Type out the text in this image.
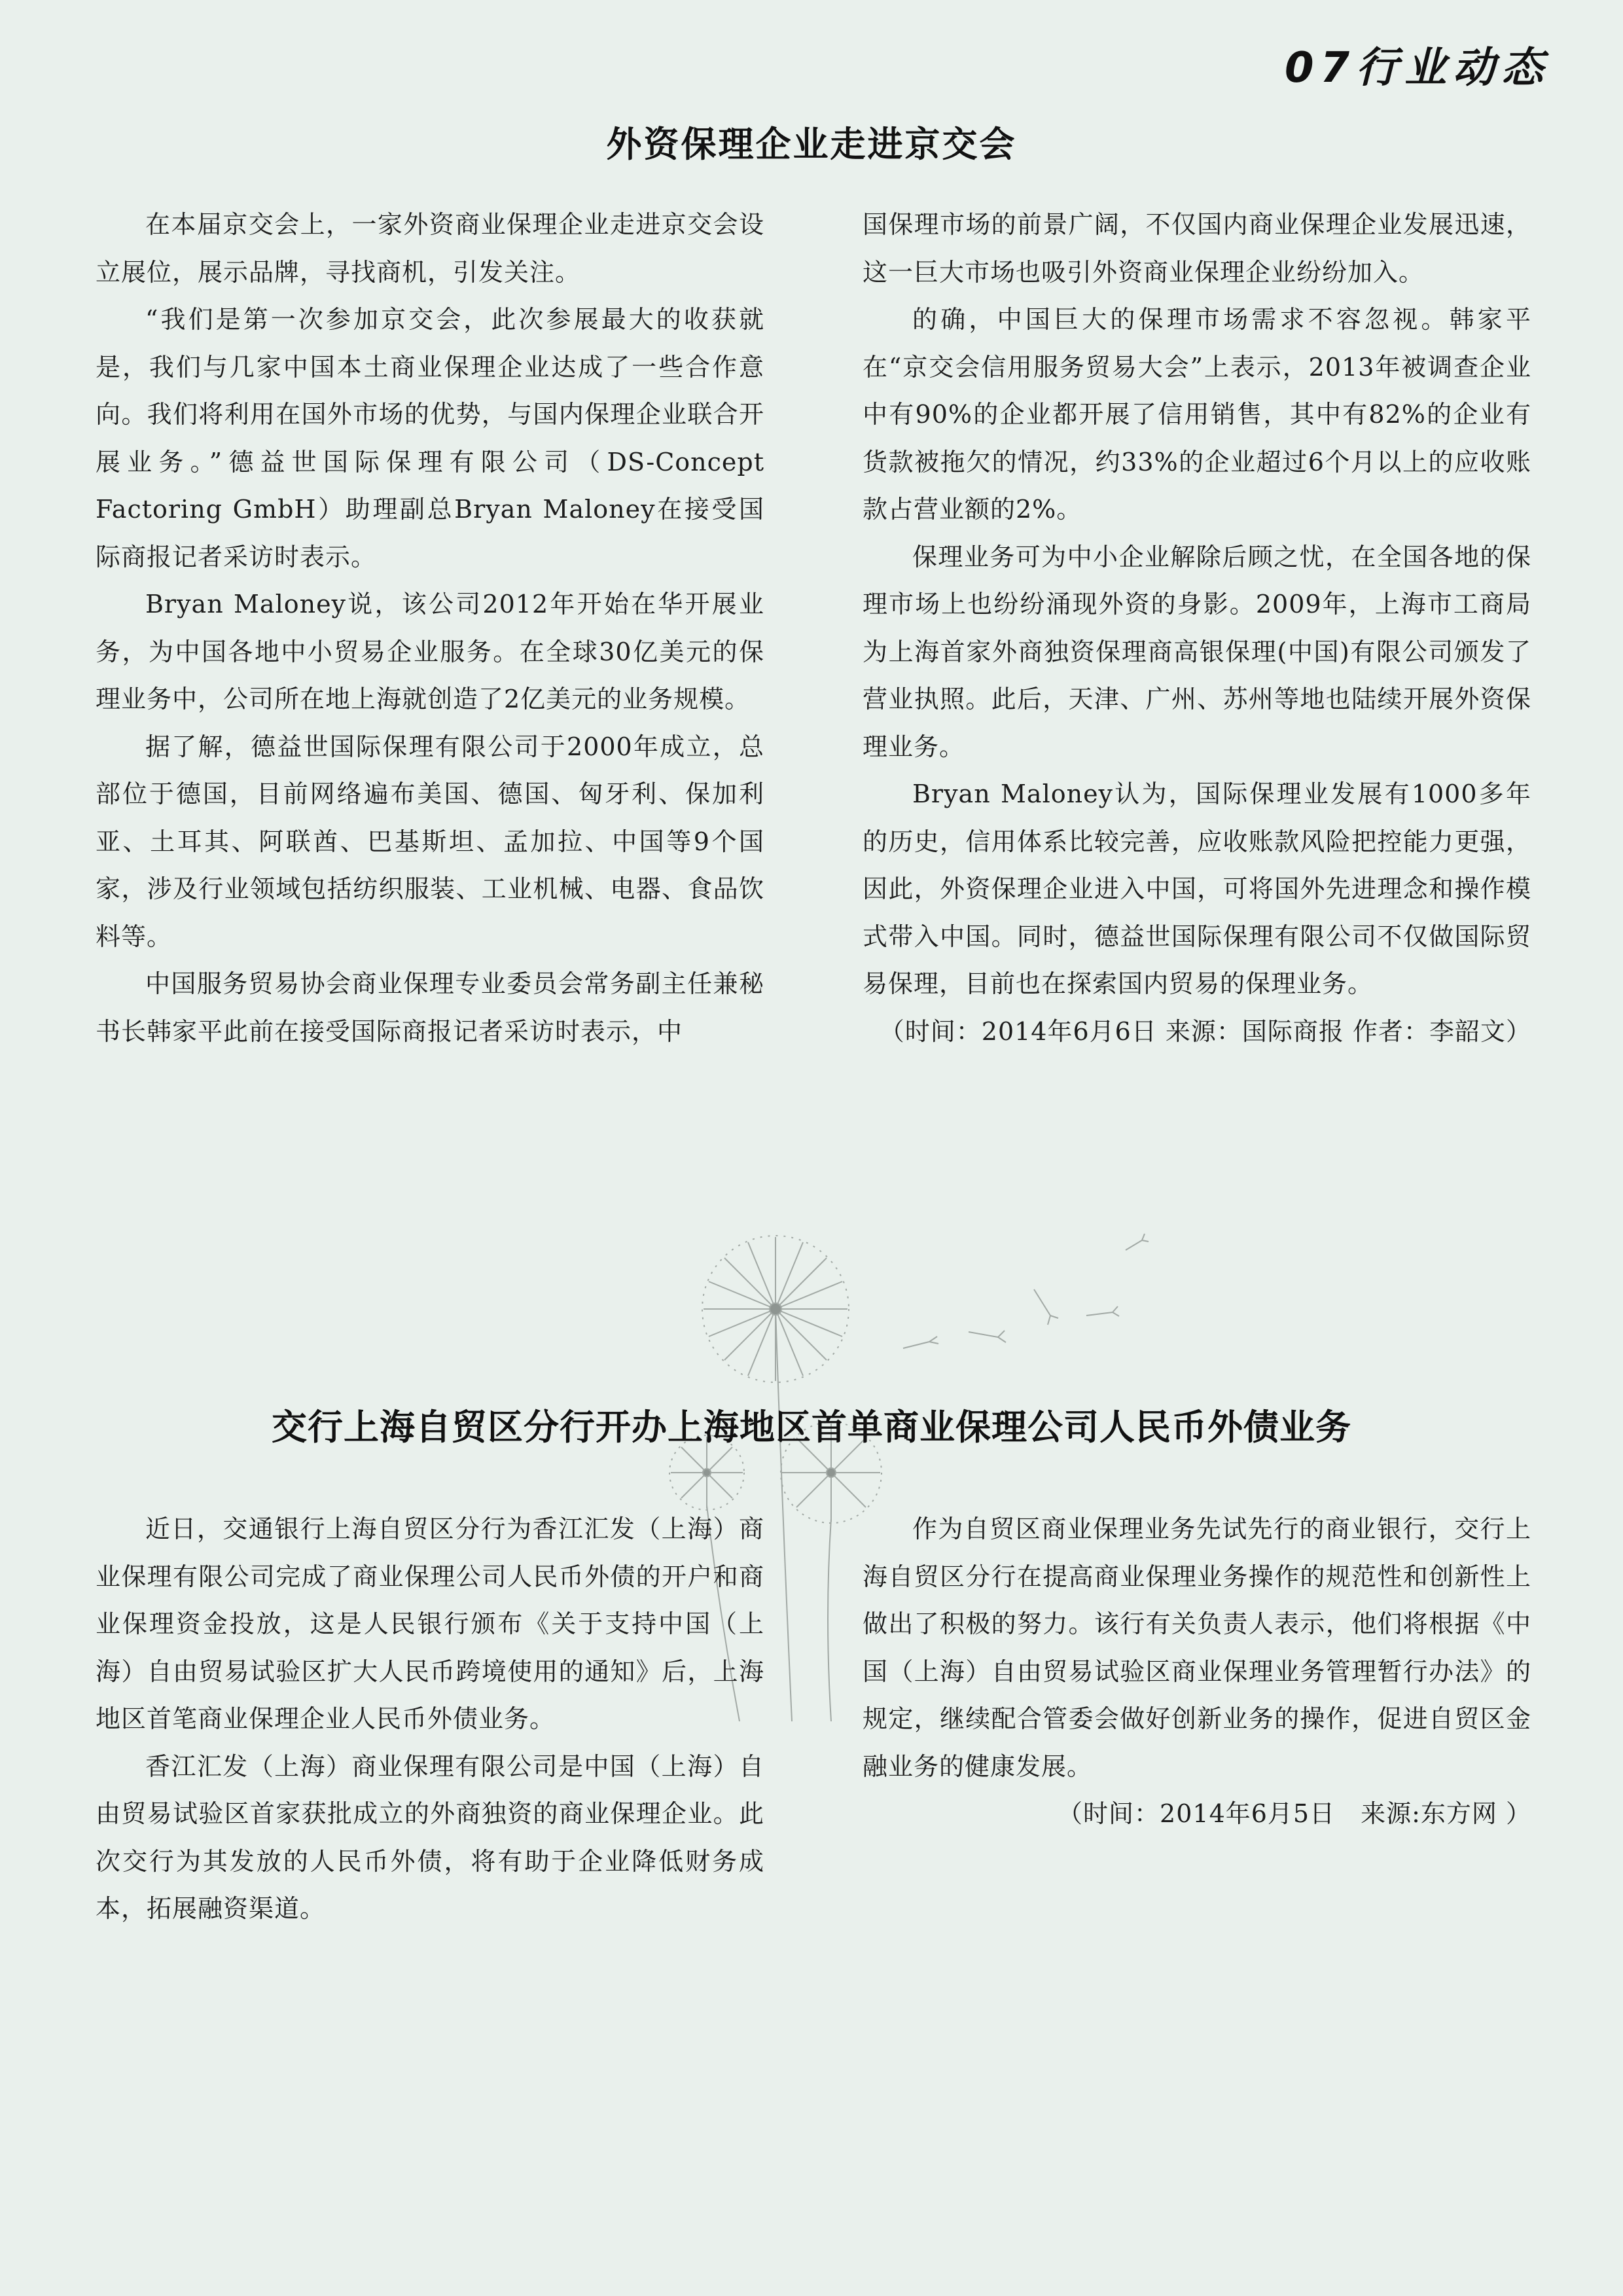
07行业动态
外资保理企业走进京交会

在本届京交会上，一家外资商业保理企业走进京交会设立展位，展示品牌，寻找商机，引发关注。

“我们是第一次参加京交会，此次参展最大的收获就是，我们与几家中国本土商业保理企业达成了一些合作意向。我们将利用在国外市场的优势，与国内保理企业联合开展业务。”德益世国际保理有限公司（DS-Concept Factoring GmbH）助理副总Bryan Maloney在接受国际商报记者采访时表示。

Bryan Maloney说，该公司2012年开始在华开展业务，为中国各地中小贸易企业服务。在全球30亿美元的保理业务中，公司所在地上海就创造了2亿美元的业务规模。

据了解，德益世国际保理有限公司于2000年成立，总部位于德国，目前网络遍布美国、德国、匈牙利、保加利亚、土耳其、阿联酋、巴基斯坦、孟加拉、中国等9个国家，涉及行业领域包括纺织服装、工业机械、电器、食品饮料等。

中国服务贸易协会商业保理专业委员会常务副主任兼秘书长韩家平此前在接受国际商报记者采访时表示，中

国保理市场的前景广阔，不仅国内商业保理企业发展迅速，这一巨大市场也吸引外资商业保理企业纷纷加入。

的确，中国巨大的保理市场需求不容忽视。韩家平在“京交会信用服务贸易大会”上表示，2013年被调查企业中有90%的企业都开展了信用销售，其中有82%的企业有货款被拖欠的情况，约33%的企业超过6个月以上的应收账款占营业额的2%。

保理业务可为中小企业解除后顾之忧，在全国各地的保理市场上也纷纷涌现外资的身影。2009年，上海市工商局为上海首家外商独资保理商高银保理(中国)有限公司颁发了营业执照。此后，天津、广州、苏州等地也陆续开展外资保理业务。

Bryan Maloney认为，国际保理业发展有1000多年的历史，信用体系比较完善，应收账款风险把控能力更强，因此，外资保理企业进入中国，可将国外先进理念和操作模式带入中国。同时，德益世国际保理有限公司不仅做国际贸易保理，目前也在探索国内贸易的保理业务。

（时间：2014年6月6日 来源：国际商报 作者：李韶文）

交行上海自贸区分行开办上海地区首单商业保理公司人民币外债业务

近日，交通银行上海自贸区分行为香江汇发（上海）商业保理有限公司完成了商业保理公司人民币外债的开户和商业保理资金投放，这是人民银行颁布《关于支持中国（上海）自由贸易试验区扩大人民币跨境使用的通知》后，上海地区首笔商业保理企业人民币外债业务。

香江汇发（上海）商业保理有限公司是中国（上海）自由贸易试验区首家获批成立的外商独资的商业保理企业。此次交行为其发放的人民币外债，将有助于企业降低财务成本，拓展融资渠道。

作为自贸区商业保理业务先试先行的商业银行，交行上海自贸区分行在提高商业保理业务操作的规范性和创新性上做出了积极的努力。该行有关负责人表示，他们将根据《中国（上海）自由贸易试验区商业保理业务管理暂行办法》的规定，继续配合管委会做好创新业务的操作，促进自贸区金融业务的健康发展。

（时间：2014年6月5日　来源:东方网 ）
